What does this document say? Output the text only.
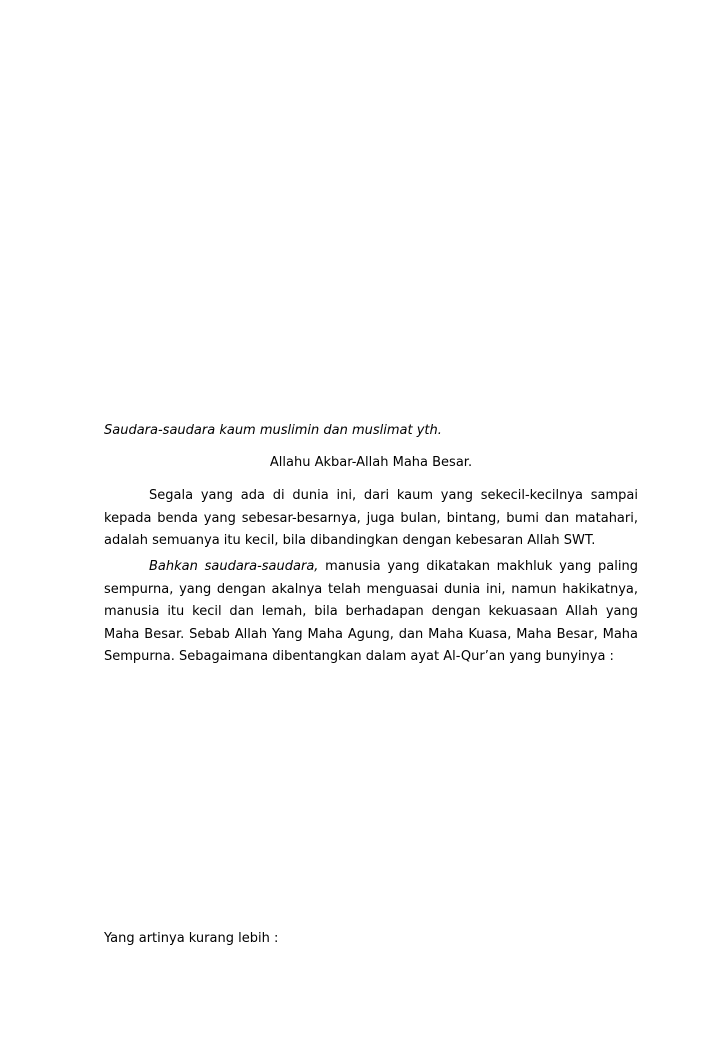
Saudara-saudara kaum muslimin dan muslimat yth.
Allahu Akbar-Allah Maha Besar.
Segala yang ada di dunia ini, dari kaum yang sekecil-kecilnya sampai kepada benda yang sebesar-besarnya, juga bulan, bintang, bumi dan matahari, adalah semuanya itu kecil, bila dibandingkan dengan kebesaran Allah SWT.
Bahkan saudara-saudara, manusia yang dikatakan makhluk yang paling sempurna, yang dengan akalnya telah menguasai dunia ini, namun hakikatnya, manusia itu kecil dan lemah, bila berhadapan dengan kekuasaan Allah yang Maha Besar. Sebab Allah Yang Maha Agung, dan Maha Kuasa, Maha Besar, Maha Sempurna. Sebagaimana dibentangkan dalam ayat Al-Qur’an yang bunyinya :
Yang artinya kurang lebih :
